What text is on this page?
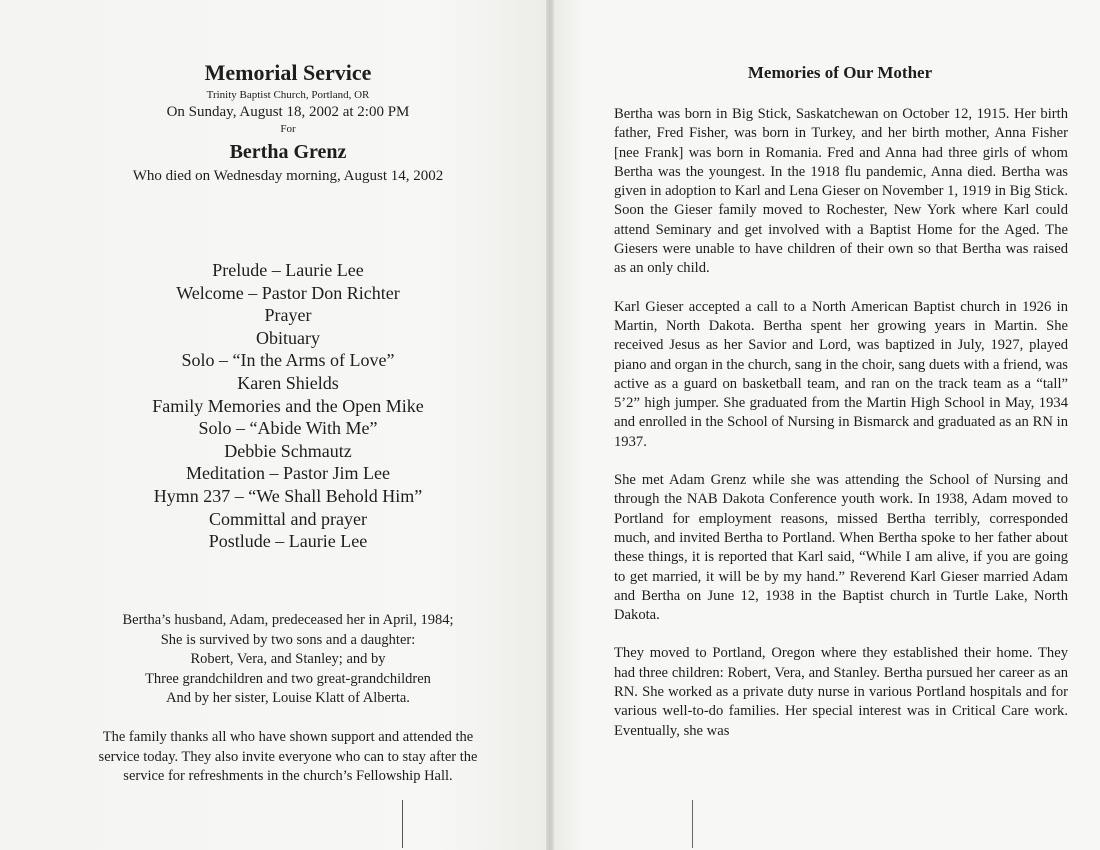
Memorial Service
Trinity Baptist Church, Portland, OR
On Sunday, August 18, 2002 at 2:00 PM
For
Bertha Grenz
Who died on Wednesday morning, August 14, 2002
Prelude – Laurie Lee
Welcome – Pastor Don Richter
Prayer
Obituary
Solo – “In the Arms of Love”
Karen Shields
Family Memories and the Open Mike
Solo – “Abide With Me”
Debbie Schmautz
Meditation – Pastor Jim Lee
Hymn 237 – “We Shall Behold Him”
Committal and prayer
Postlude – Laurie Lee
Bertha’s husband, Adam, predeceased her in April, 1984;
She is survived by two sons and a daughter:
Robert, Vera, and Stanley; and by
Three grandchildren and two great-grandchildren
And by her sister, Louise Klatt of Alberta.
The family thanks all who have shown support and attended the
service today. They also invite everyone who can to stay after the
service for refreshments in the church’s Fellowship Hall.
Memories of Our Mother

Bertha was born in Big Stick, Saskatchewan on October 12, 1915. Her birth father, Fred Fisher, was born in Turkey, and her birth mother, Anna Fisher [nee Frank] was born in Romania. Fred and Anna had three girls of whom Bertha was the youngest. In the 1918 flu pandemic, Anna died. Bertha was given in adoption to Karl and Lena Gieser on November 1, 1919 in Big Stick. Soon the Gieser family moved to Rochester, New York where Karl could attend Seminary and get involved with a Baptist Home for the Aged. The Giesers were unable to have children of their own so that Bertha was raised as an only child.

Karl Gieser accepted a call to a North American Baptist church in 1926 in Martin, North Dakota. Bertha spent her growing years in Martin. She received Jesus as her Savior and Lord, was baptized in July, 1927, played piano and organ in the church, sang in the choir, sang duets with a friend, was active as a guard on basketball team, and ran on the track team as a “tall” 5’2” high jumper. She graduated from the Martin High School in May, 1934 and enrolled in the School of Nursing in Bismarck and graduated as an RN in 1937.

She met Adam Grenz while she was attending the School of Nursing and through the NAB Dakota Conference youth work. In 1938, Adam moved to Portland for employment reasons, missed Bertha terribly, corresponded much, and invited Bertha to Portland. When Bertha spoke to her father about these things, it is reported that Karl said, “While I am alive, if you are going to get married, it will be by my hand.” Reverend Karl Gieser married Adam and Bertha on June 12, 1938 in the Baptist church in Turtle Lake, North Dakota.

They moved to Portland, Oregon where they established their home. They had three children: Robert, Vera, and Stanley. Bertha pursued her career as an RN. She worked as a private duty nurse in various Portland hospitals and for various well-to-do families. Her special interest was in Critical Care work. Eventually, she was
